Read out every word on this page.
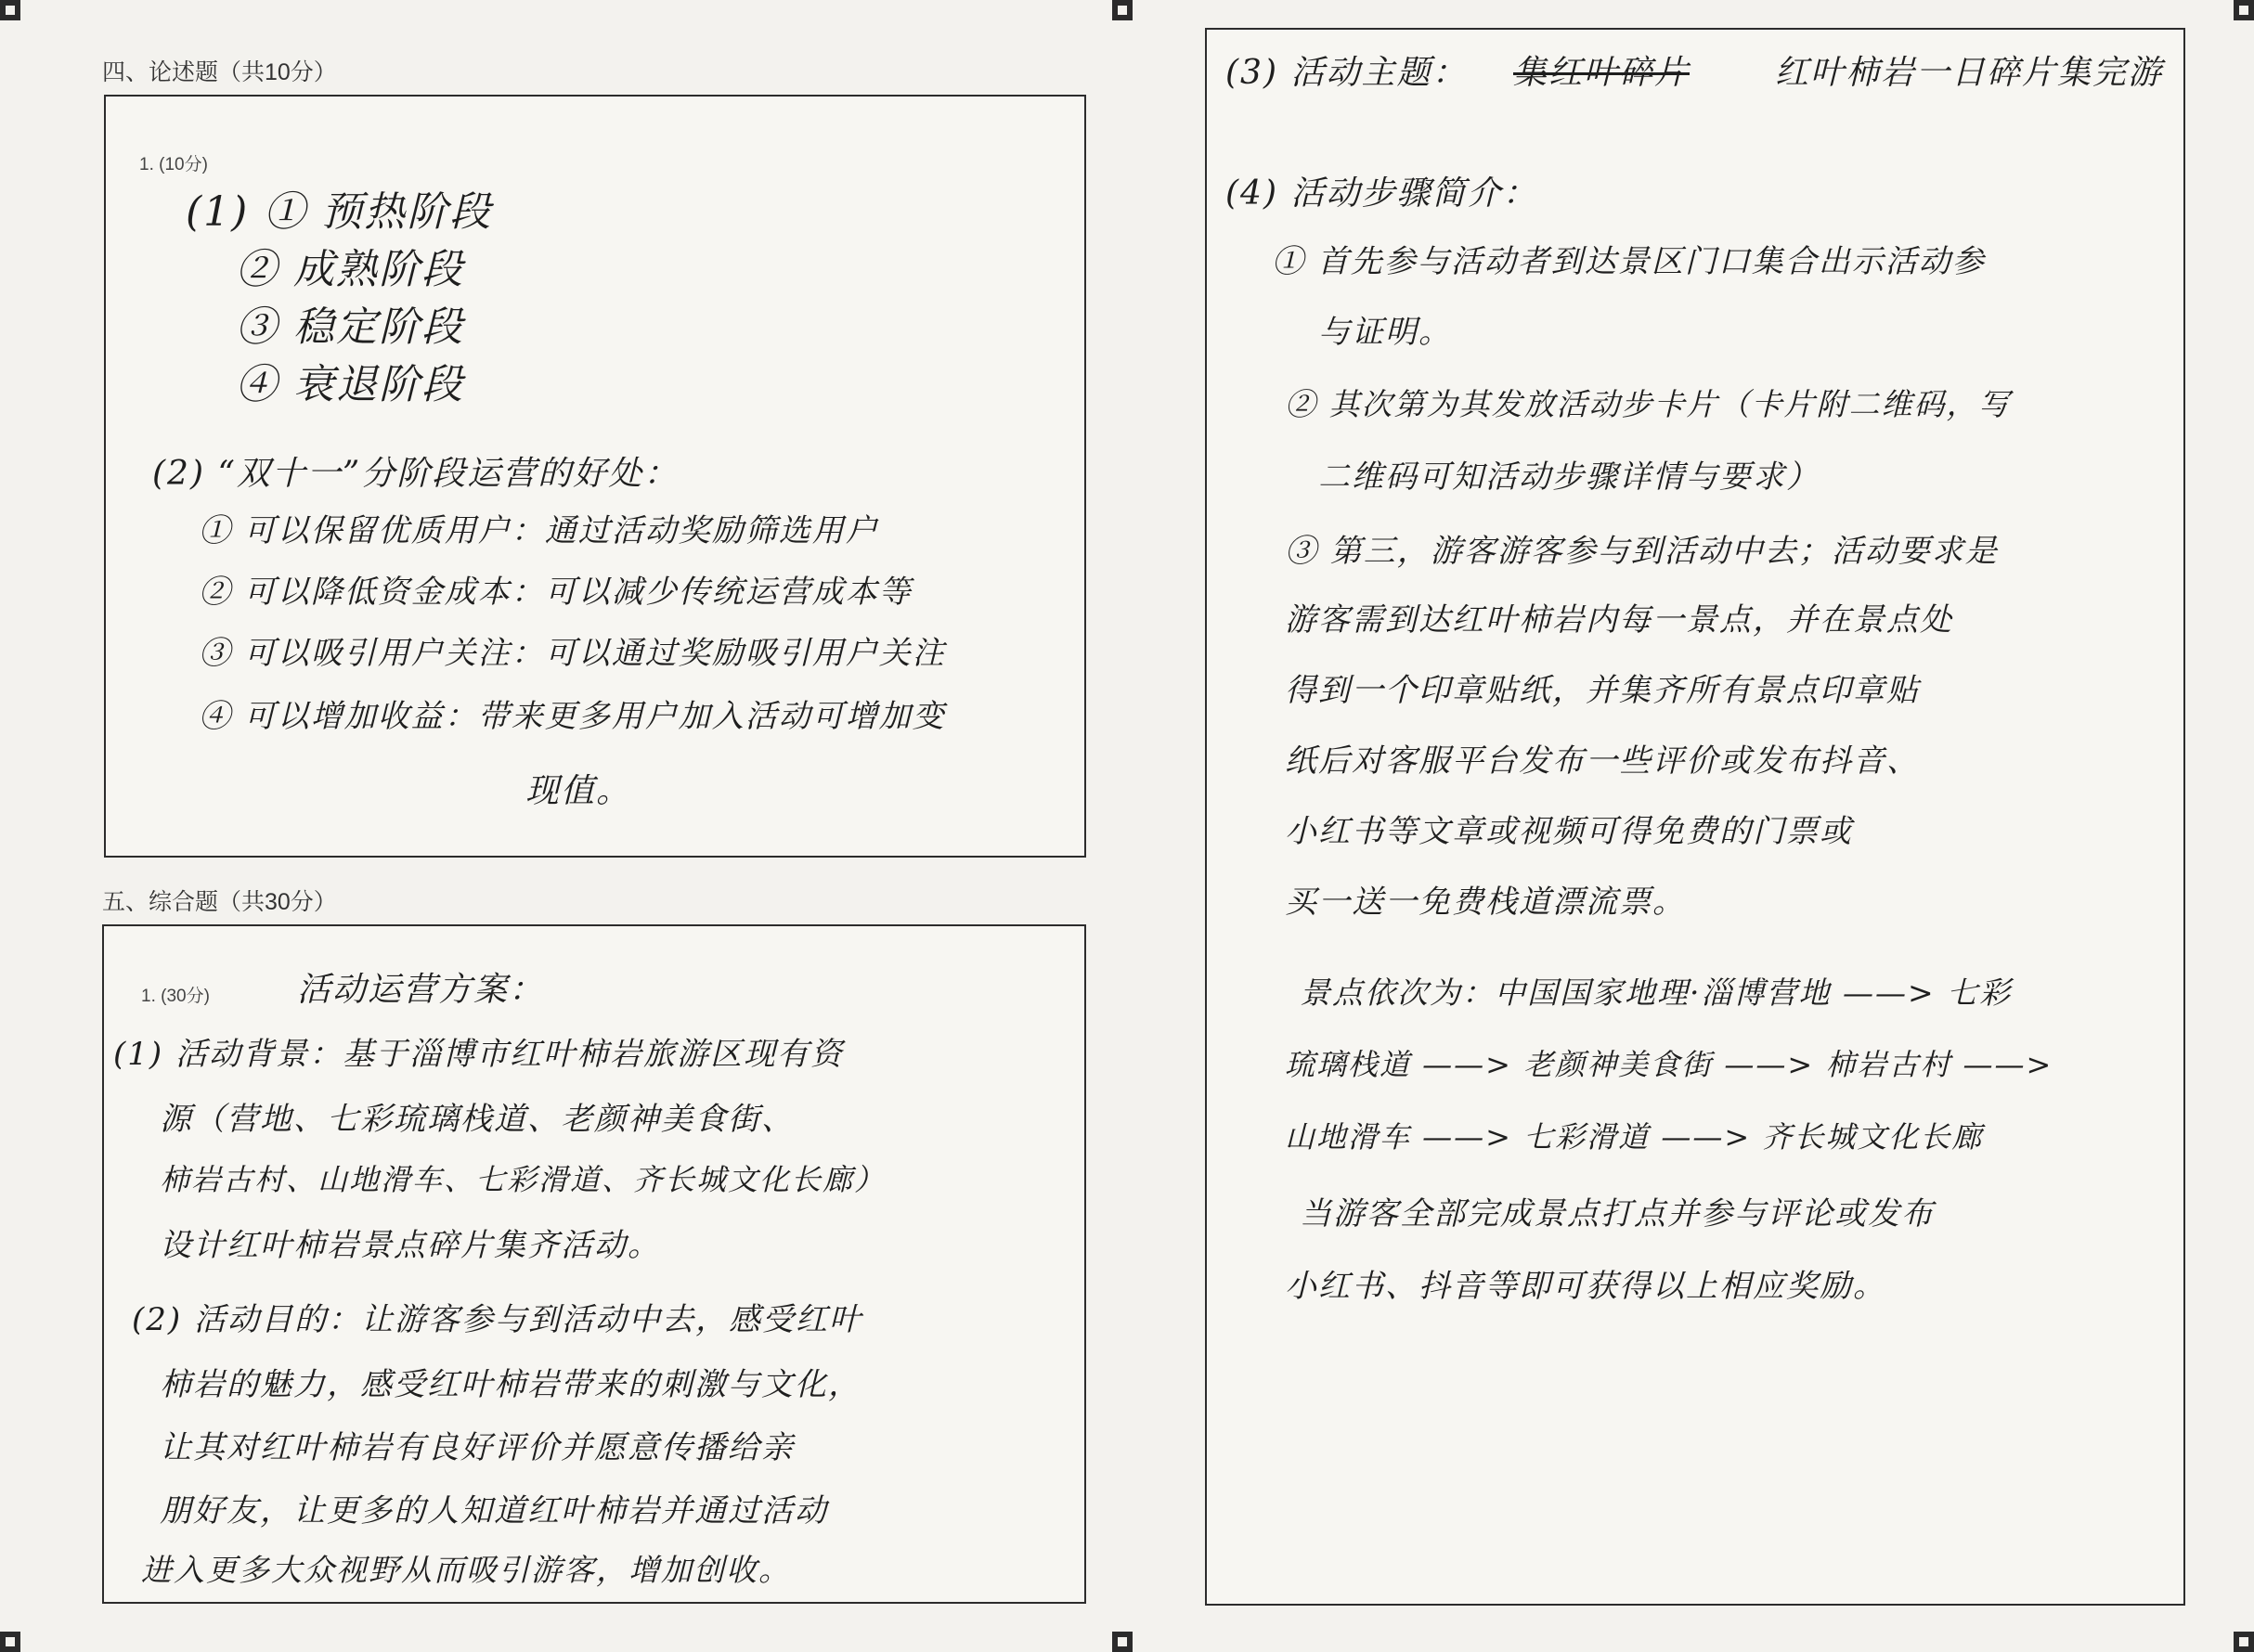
四、论述题（共10分）
1. (10分)
(1) ① 预热阶段
② 成熟阶段
③ 稳定阶段
④ 衰退阶段
(2) “双十一”分阶段运营的好处：
① 可以保留优质用户：通过活动奖励筛选用户
② 可以降低资金成本：可以减少传统运营成本等
③ 可以吸引用户关注：可以通过奖励吸引用户关注
④ 可以增加收益：带来更多用户加入活动可增加变
现值。
五、综合题（共30分）
1. (30分)	活动运营方案：
(1) 活动背景：基于淄博市红叶柿岩旅游区现有资
源（营地、七彩琉璃栈道、老颜神美食街、
柿岩古村、山地滑车、七彩滑道、齐长城文化长廊）
设计红叶柿岩景点碎片集齐活动。
(2) 活动目的：让游客参与到活动中去，感受红叶
柿岩的魅力，感受红叶柿岩带来的刺激与文化，
让其对红叶柿岩有良好评价并愿意传播给亲
朋好友，让更多的人知道红叶柿岩并通过活动
进入更多大众视野从而吸引游客，增加创收。
(3) 活动主题： 集红叶碎片	红叶柿岩一日碎片集完游
(4) 活动步骤简介：
① 首先参与活动者到达景区门口集合出示活动参
与证明。
② 其次第为其发放活动步卡片（卡片附二维码，写
二维码可知活动步骤详情与要求）
③ 第三，游客游客参与到活动中去；活动要求是
游客需到达红叶柿岩内每一景点，并在景点处
得到一个印章贴纸，并集齐所有景点印章贴
纸后对客服平台发布一些评价或发布抖音、
小红书等文章或视频可得免费的门票或
买一送一免费栈道漂流票。
景点依次为：中国国家地理·淄博营地 ——> 七彩
琉璃栈道 ——> 老颜神美食街 ——> 柿岩古村 ——>
山地滑车 ——> 七彩滑道 ——> 齐长城文化长廊
当游客全部完成景点打点并参与评论或发布
小红书、抖音等即可获得以上相应奖励。
